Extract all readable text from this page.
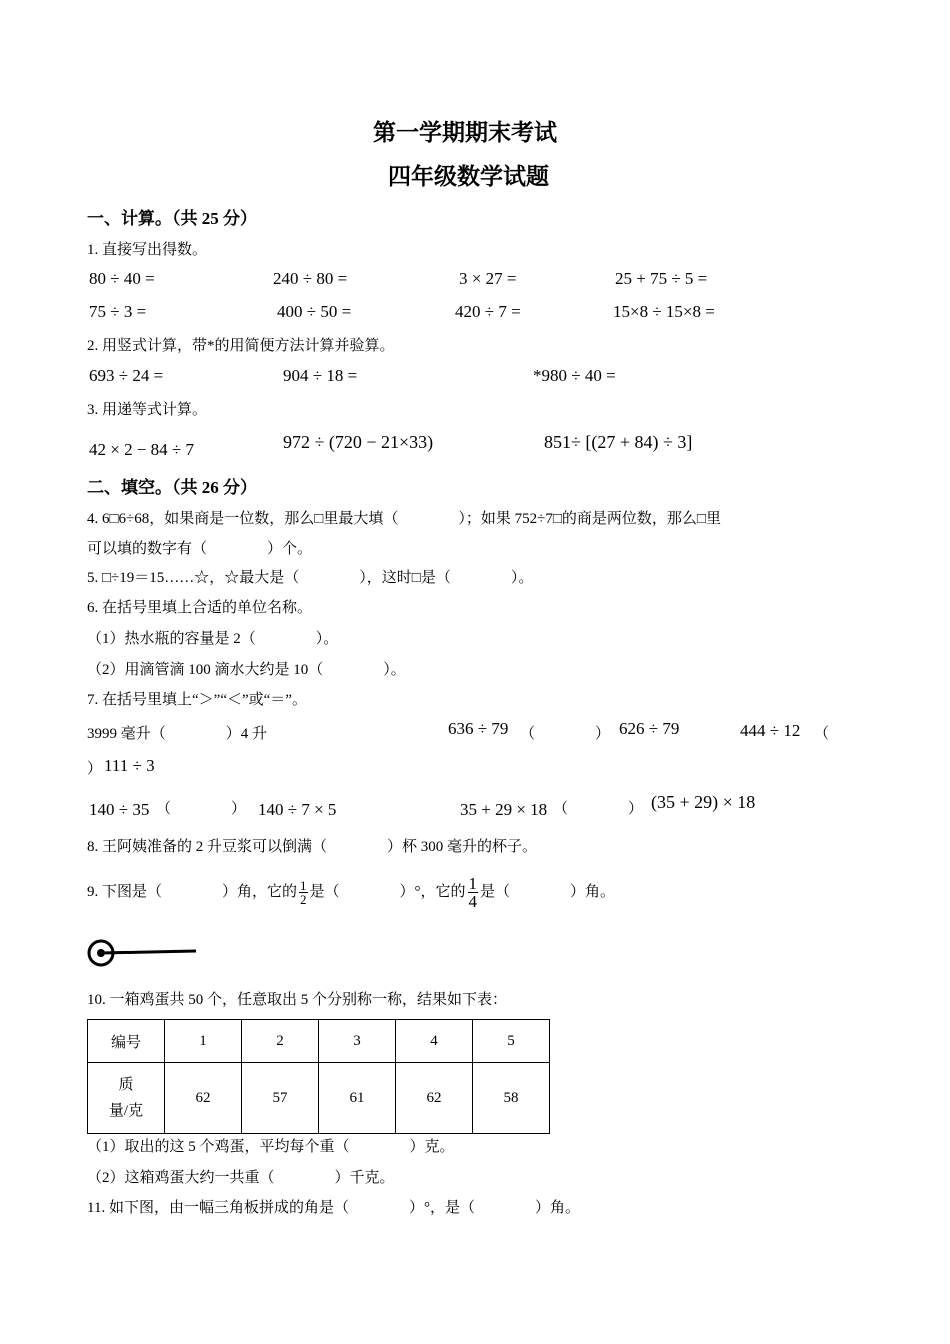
第一学期期末考试
四年级数学试题
一、计算。（共 25 分）
1. 直接写出得数。
80 ÷ 40 =	240 ÷ 80 =	3 × 27 =	25 + 75 ÷ 5 =
75 ÷ 3 =	400 ÷ 50 =	420 ÷ 7 =	15×8 ÷ 15×8 =
2. 用竖式计算，带*的用简便方法计算并验算。
693 ÷ 24 =	904 ÷ 18 =	*980 ÷ 40 =
3. 用递等式计算。
42 × 2 − 84 ÷ 7	972 ÷ (720 − 21×33)	851÷ [(27 + 84) ÷ 3]
二、填空。（共 26 分）
4. 6□6÷68，如果商是一位数，那么□里最大填（　　　　）；如果 752÷7□的商是两位数，那么□里
可以填的数字有（　　　　）个。
5. □÷19＝15……☆，☆最大是（　　　　），这时□是（　　　　）。
6. 在括号里填上合适的单位名称。
（1）热水瓶的容量是 2（　　　　）。
（2）用滴管滴 100 滴水大约是 10（　　　　）。
7. 在括号里填上“＞”“＜”或“＝”。
3999 毫升（　　　　）4 升	636 ÷ 79 （　　　　） 626 ÷ 79	444 ÷ 12 （
） 111 ÷ 3
140 ÷ 35 （　　　　） 140 ÷ 7 × 5	35 + 29 × 18 （　　　　） (35 + 29) × 18
8. 王阿姨准备的 2 升豆浆可以倒满（　　　　）杯 300 毫升的杯子。
9. 下图是（　　　　）角，它的 $\frac{1}{2}$ 是（　　　　）°，它的 $\frac{1}{4}$ 是（　　　　）角。
10. 一箱鸡蛋共 50 个，任意取出 5 个分别称一称，结果如下表：
编号	1	2	3	4	5
质
量/克	62	57	61	62	58
（1）取出的这 5 个鸡蛋，平均每个重（　　　　）克。
（2）这箱鸡蛋大约一共重（　　　　）千克。
11. 如下图，由一幅三角板拼成的角是（　　　　）°，是（　　　　）角。
